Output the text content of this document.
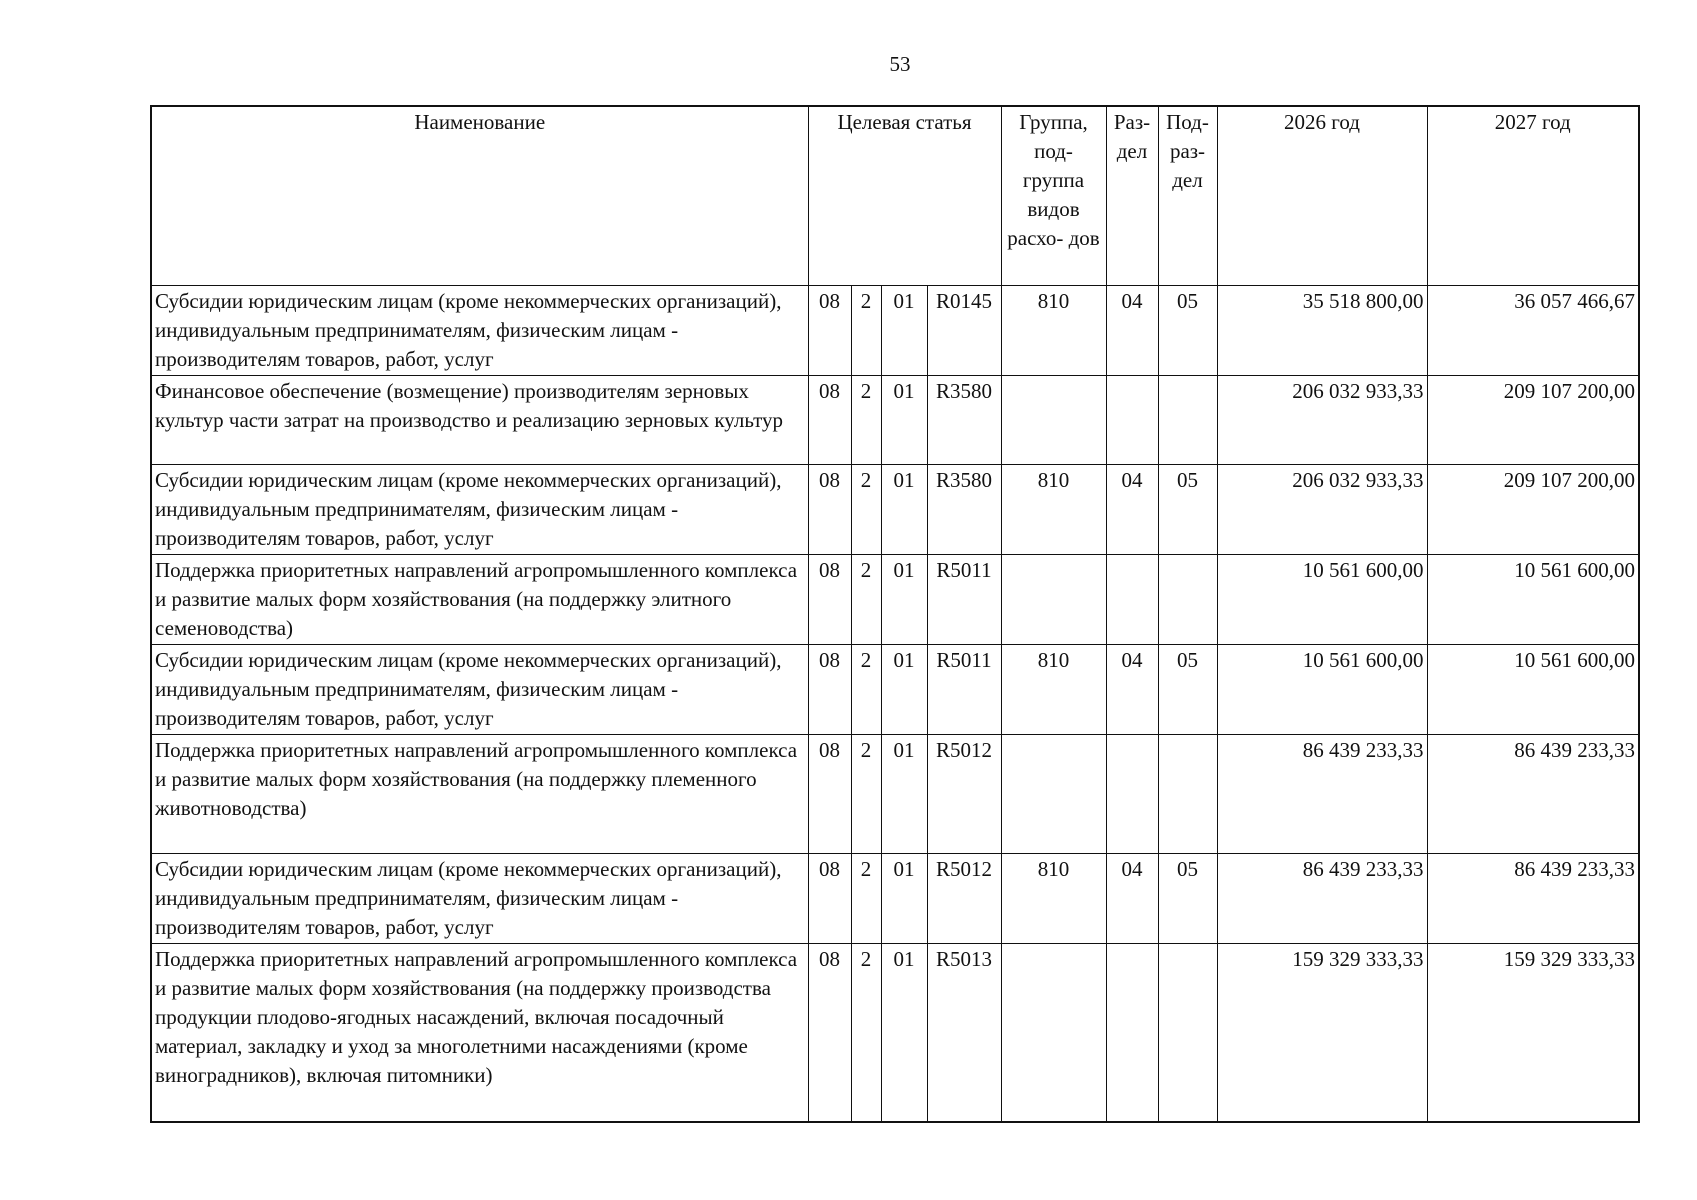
53
Наименование	Целевая статья				Группа, под- группа видов расхо- дов	Раз- дел	Под- раз- дел	2026 год	2027 год
Субсидии юридическим лицам (кроме некоммерческих организаций), индивидуальным предпринимателям, физическим лицам - производителям товаров, работ, услуг	08	2	01	R0145	810	04	05	35 518 800,00	36 057 466,67
Финансовое обеспечение (возмещение) производителям зерновых культур части затрат на производство и реализацию зерновых культур	08	2	01	R3580				206 032 933,33	209 107 200,00
Субсидии юридическим лицам (кроме некоммерческих организаций), индивидуальным предпринимателям, физическим лицам - производителям товаров, работ, услуг	08	2	01	R3580	810	04	05	206 032 933,33	209 107 200,00
Поддержка приоритетных направлений агропромышленного комплекса и развитие малых форм хозяйствования (на поддержку элитного семеноводства)	08	2	01	R5011				10 561 600,00	10 561 600,00
Субсидии юридическим лицам (кроме некоммерческих организаций), индивидуальным предпринимателям, физическим лицам - производителям товаров, работ, услуг	08	2	01	R5011	810	04	05	10 561 600,00	10 561 600,00
Поддержка приоритетных направлений агропромышленного комплекса и развитие малых форм хозяйствования (на поддержку племенного животноводства)	08	2	01	R5012				86 439 233,33	86 439 233,33
Субсидии юридическим лицам (кроме некоммерческих организаций), индивидуальным предпринимателям, физическим лицам - производителям товаров, работ, услуг	08	2	01	R5012	810	04	05	86 439 233,33	86 439 233,33
Поддержка приоритетных направлений агропромышленного комплекса и развитие малых форм хозяйствования (на поддержку производства продукции плодово-ягодных насаждений, включая посадочный материал, закладку и уход за многолетними насаждениями (кроме виноградников), включая питомники)	08	2	01	R5013				159 329 333,33	159 329 333,33
